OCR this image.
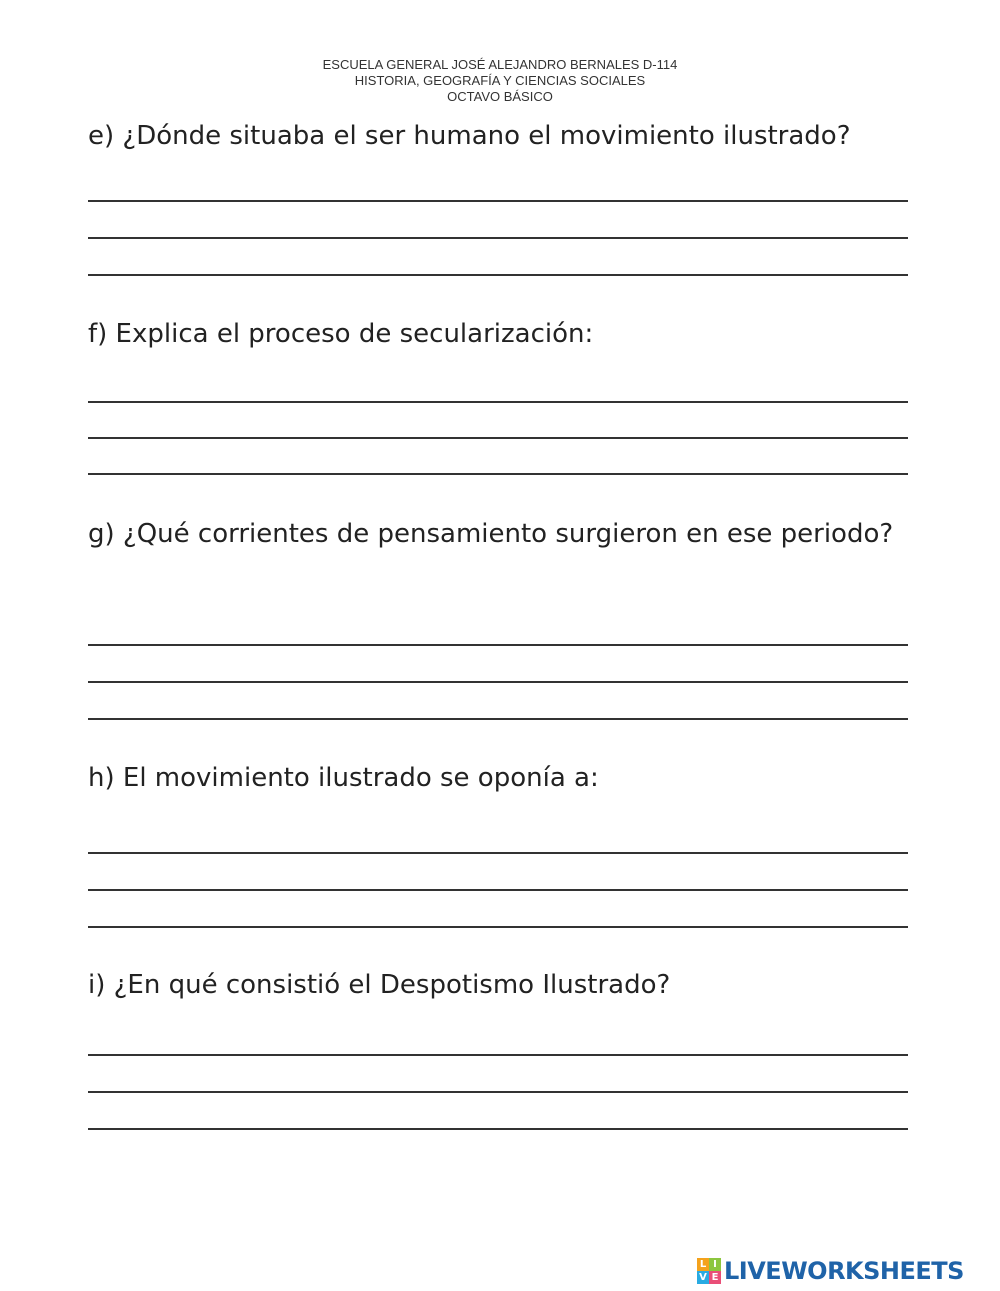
ESCUELA GENERAL JOSÉ ALEJANDRO BERNALES D-114
HISTORIA, GEOGRAFÍA Y CIENCIAS SOCIALES
OCTAVO BÁSICO
e) ¿Dónde situaba el ser humano el movimiento ilustrado?
f) Explica el proceso de secularización:
g) ¿Qué corrientes de pensamiento surgieron en ese periodo?
h) El movimiento ilustrado se oponía a:
i) ¿En qué consistió el Despotismo Ilustrado?
L I
V E LIVEWORKSHEETS
